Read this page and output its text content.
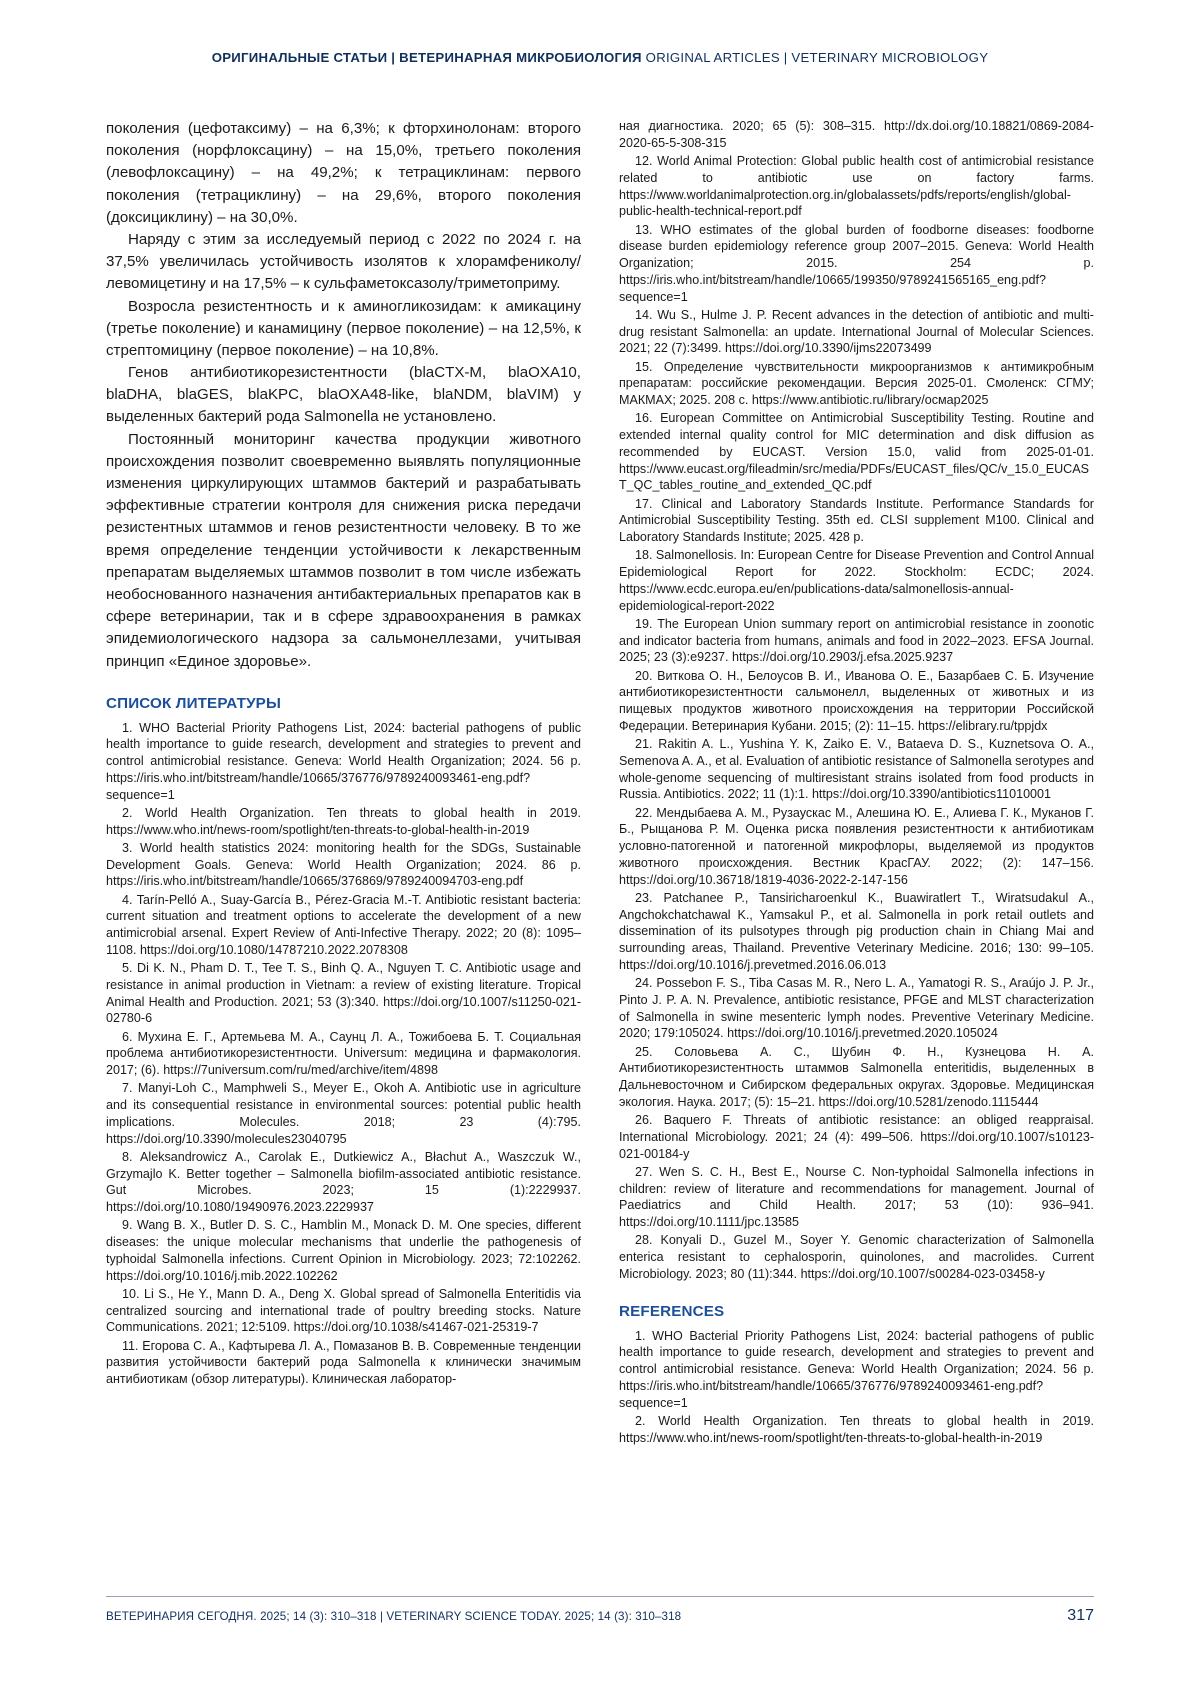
ОРИГИНАЛЬНЫЕ СТАТЬИ | ВЕТЕРИНАРНАЯ МИКРОБИОЛОГИЯ ORIGINAL ARTICLES | VETERINARY MICROBIOLOGY

поколения (цефотаксиму) – на 6,3%; к фторхинолонам: второго поколения (норфлоксацину) – на 15,0%, третьего поколения (левофлоксацину) – на 49,2%; к тетрациклинам: первого поколения (тетрациклину) – на 29,6%, второго поколения (доксициклину) – на 30,0%.

Наряду с этим за исследуемый период с 2022 по 2024 г. на 37,5% увеличилась устойчивость изолятов к хлорамфениколу/левомицетину и на 17,5% – к сульфаметоксазолу/триметоприму.

Возросла резистентность и к аминогликозидам: к амикацину (третье поколение) и канамицину (первое поколение) – на 12,5%, к стрептомицину (первое поколение) – на 10,8%.

Генов антибиотикорезистентности (blaCTX-M, blaOXA10, blaDHA, blaGES, blaKPC, blaOXA48-like, blaNDM, blaVIM) у выделенных бактерий рода Salmonella не установлено.

Постоянный мониторинг качества продукции животного происхождения позволит своевременно выявлять популяционные изменения циркулирующих штаммов бактерий и разрабатывать эффективные стратегии контроля для снижения риска передачи резистентных штаммов и генов резистентности человеку. В то же время определение тенденции устойчивости к лекарственным препаратам выделяемых штаммов позволит в том числе избежать необоснованного назначения антибактериальных препаратов как в сфере ветеринарии, так и в сфере здравоохранения в рамках эпидемиологического надзора за сальмонеллезами, учитывая принцип «Единое здоровье».

СПИСОК ЛИТЕРАТУРЫ

1. WHO Bacterial Priority Pathogens List, 2024: bacterial pathogens of public health importance to guide research, development and strategies to prevent and control antimicrobial resistance. Geneva: World Health Organization; 2024. 56 p. https://iris.who.int/bitstream/handle/10665/376776/9789240093461-eng.pdf?sequence=1

2. World Health Organization. Ten threats to global health in 2019. https://www.who.int/news-room/spotlight/ten-threats-to-global-health-in-2019

3. World health statistics 2024: monitoring health for the SDGs, Sustainable Development Goals. Geneva: World Health Organization; 2024. 86 p. https://iris.who.int/bitstream/handle/10665/376869/9789240094703-eng.pdf

4. Tarín-Pelló A., Suay-García B., Pérez-Gracia M.-T. Antibiotic resistant bacteria: current situation and treatment options to accelerate the development of a new antimicrobial arsenal. Expert Review of Anti-Infective Therapy. 2022; 20 (8): 1095–1108. https://doi.org/10.1080/14787210.2022.2078308

5. Di K. N., Pham D. T., Tee T. S., Binh Q. A., Nguyen T. C. Antibiotic usage and resistance in animal production in Vietnam: a review of existing literature. Tropical Animal Health and Production. 2021; 53 (3):340. https://doi.org/10.1007/s11250-021-02780-6

6. Мухина Е. Г., Артемьева М. А., Саунц Л. А., Тожибоева Б. Т. Социальная проблема антибиотикорезистентности. Universum: медицина и фармакология. 2017; (6). https://7universum.com/ru/med/archive/item/4898

7. Manyi-Loh C., Mamphweli S., Meyer E., Okoh A. Antibiotic use in agriculture and its consequential resistance in environmental sources: potential public health implications. Molecules. 2018; 23 (4):795. https://doi.org/10.3390/molecules23040795

8. Aleksandrowicz A., Carolak E., Dutkiewicz A., Błachut A., Waszczuk W., Grzymajlo K. Better together – Salmonella biofilm-associated antibiotic resistance. Gut Microbes. 2023; 15 (1):2229937. https://doi.org/10.1080/19490976.2023.2229937

9. Wang B. X., Butler D. S. C., Hamblin M., Monack D. M. One species, different diseases: the unique molecular mechanisms that underlie the pathogenesis of typhoidal Salmonella infections. Current Opinion in Microbiology. 2023; 72:102262. https://doi.org/10.1016/j.mib.2022.102262

10. Li S., He Y., Mann D. A., Deng X. Global spread of Salmonella Enteritidis via centralized sourcing and international trade of poultry breeding stocks. Nature Communications. 2021; 12:5109. https://doi.org/10.1038/s41467-021-25319-7

11. Егорова С. А., Кафтырева Л. А., Помазанов В. В. Современные тенденции развития устойчивости бактерий рода Salmonella к клинически значимым антибиотикам (обзор литературы). Клиническая лаборатор-

ная диагностика. 2020; 65 (5): 308–315. http://dx.doi.org/10.18821/0869-2084-2020-65-5-308-315

12. World Animal Protection: Global public health cost of antimicrobial resistance related to antibiotic use on factory farms. https://www.worldanimalprotection.org.in/globalassets/pdfs/reports/english/global-public-health-technical-report.pdf

13. WHO estimates of the global burden of foodborne diseases: foodborne disease burden epidemiology reference group 2007–2015. Geneva: World Health Organization; 2015. 254 p. https://iris.who.int/bitstream/handle/10665/199350/9789241565165_eng.pdf?sequence=1

14. Wu S., Hulme J. P. Recent advances in the detection of antibiotic and multi-drug resistant Salmonella: an update. International Journal of Molecular Sciences. 2021; 22 (7):3499. https://doi.org/10.3390/ijms22073499

15. Определение чувствительности микроорганизмов к антимикробным препаратам: российские рекомендации. Версия 2025-01. Смоленск: СГМУ; МАКМАХ; 2025. 208 с. https://www.antibiotic.ru/library/оcмар2025

16. European Committee on Antimicrobial Susceptibility Testing. Routine and extended internal quality control for MIC determination and disk diffusion as recommended by EUCAST. Version 15.0, valid from 2025-01-01. https://www.eucast.org/fileadmin/src/media/PDFs/EUCAST_files/QC/v_15.0_EUCAST_QC_tables_routine_and_extended_QC.pdf

17. Clinical and Laboratory Standards Institute. Performance Standards for Antimicrobial Susceptibility Testing. 35th ed. CLSI supplement M100. Clinical and Laboratory Standards Institute; 2025. 428 p.

18. Salmonellosis. In: European Centre for Disease Prevention and Control Annual Epidemiological Report for 2022. Stockholm: ECDC; 2024. https://www.ecdc.europa.eu/en/publications-data/salmonellosis-annual-epidemiological-report-2022

19. The European Union summary report on antimicrobial resistance in zoonotic and indicator bacteria from humans, animals and food in 2022–2023. EFSA Journal. 2025; 23 (3):e9237. https://doi.org/10.2903/j.efsa.2025.9237

20. Виткова О. Н., Белоусов В. И., Иванова О. Е., Базарбаев С. Б. Изучение антибиотикорезистентности сальмонелл, выделенных от животных и из пищевых продуктов животного происхождения на территории Российской Федерации. Ветеринария Кубани. 2015; (2): 11–15. https://elibrary.ru/tppjdx

21. Rakitin A. L., Yushina Y. K, Zaiko E. V., Bataeva D. S., Kuznetsova O. A., Semenova A. A., et al. Evaluation of antibiotic resistance of Salmonella serotypes and whole-genome sequencing of multiresistant strains isolated from food products in Russia. Antibiotics. 2022; 11 (1):1. https://doi.org/10.3390/antibiotics11010001

22. Мендыбаева А. М., Рузаускас М., Алешина Ю. Е., Алиева Г. К., Муканов Г. Б., Рыщанова Р. М. Оценка риска появления резистентности к антибиотикам условно-патогенной и патогенной микрофлоры, выделяемой из продуктов животного происхождения. Вестник КрасГАУ. 2022; (2): 147–156. https://doi.org/10.36718/1819-4036-2022-2-147-156

23. Patchanee P., Tansiricharoenkul K., Buawiratlert T., Wiratsudakul A., Angchokchatchawal K., Yamsakul P., et al. Salmonella in pork retail outlets and dissemination of its pulsotypes through pig production chain in Chiang Mai and surrounding areas, Thailand. Preventive Veterinary Medicine. 2016; 130: 99–105. https://doi.org/10.1016/j.prevetmed.2016.06.013

24. Possebon F. S., Tiba Casas M. R., Nero L. A., Yamatogi R. S., Araújo J. P. Jr., Pinto J. P. A. N. Prevalence, antibiotic resistance, PFGE and MLST characterization of Salmonella in swine mesenteric lymph nodes. Preventive Veterinary Medicine. 2020; 179:105024. https://doi.org/10.1016/j.prevetmed.2020.105024

25. Соловьева А. С., Шубин Ф. Н., Кузнецова Н. А. Антибиотикорезистентность штаммов Salmonella enteritidis, выделенных в Дальневосточном и Сибирском федеральных округах. Здоровье. Медицинская экология. Наука. 2017; (5): 15–21. https://doi.org/10.5281/zenodo.1115444

26. Baquero F. Threats of antibiotic resistance: an obliged reappraisal. International Microbiology. 2021; 24 (4): 499–506. https://doi.org/10.1007/s10123-021-00184-y

27. Wen S. C. H., Best E., Nourse C. Non-typhoidal Salmonella infections in children: review of literature and recommendations for management. Journal of Paediatrics and Child Health. 2017; 53 (10): 936–941. https://doi.org/10.1111/jpc.13585

28. Konyali D., Guzel M., Soyer Y. Genomic characterization of Salmonella enterica resistant to cephalosporin, quinolones, and macrolides. Current Microbiology. 2023; 80 (11):344. https://doi.org/10.1007/s00284-023-03458-y

REFERENCES

1. WHO Bacterial Priority Pathogens List, 2024: bacterial pathogens of public health importance to guide research, development and strategies to prevent and control antimicrobial resistance. Geneva: World Health Organization; 2024. 56 p. https://iris.who.int/bitstream/handle/10665/376776/9789240093461-eng.pdf?sequence=1

2. World Health Organization. Ten threats to global health in 2019. https://www.who.int/news-room/spotlight/ten-threats-to-global-health-in-2019

ВЕТЕРИНАРИЯ СЕГОДНЯ. 2025; 14 (3): 310–318 | VETERINARY SCIENCE TODAY. 2025; 14 (3): 310–318	317
